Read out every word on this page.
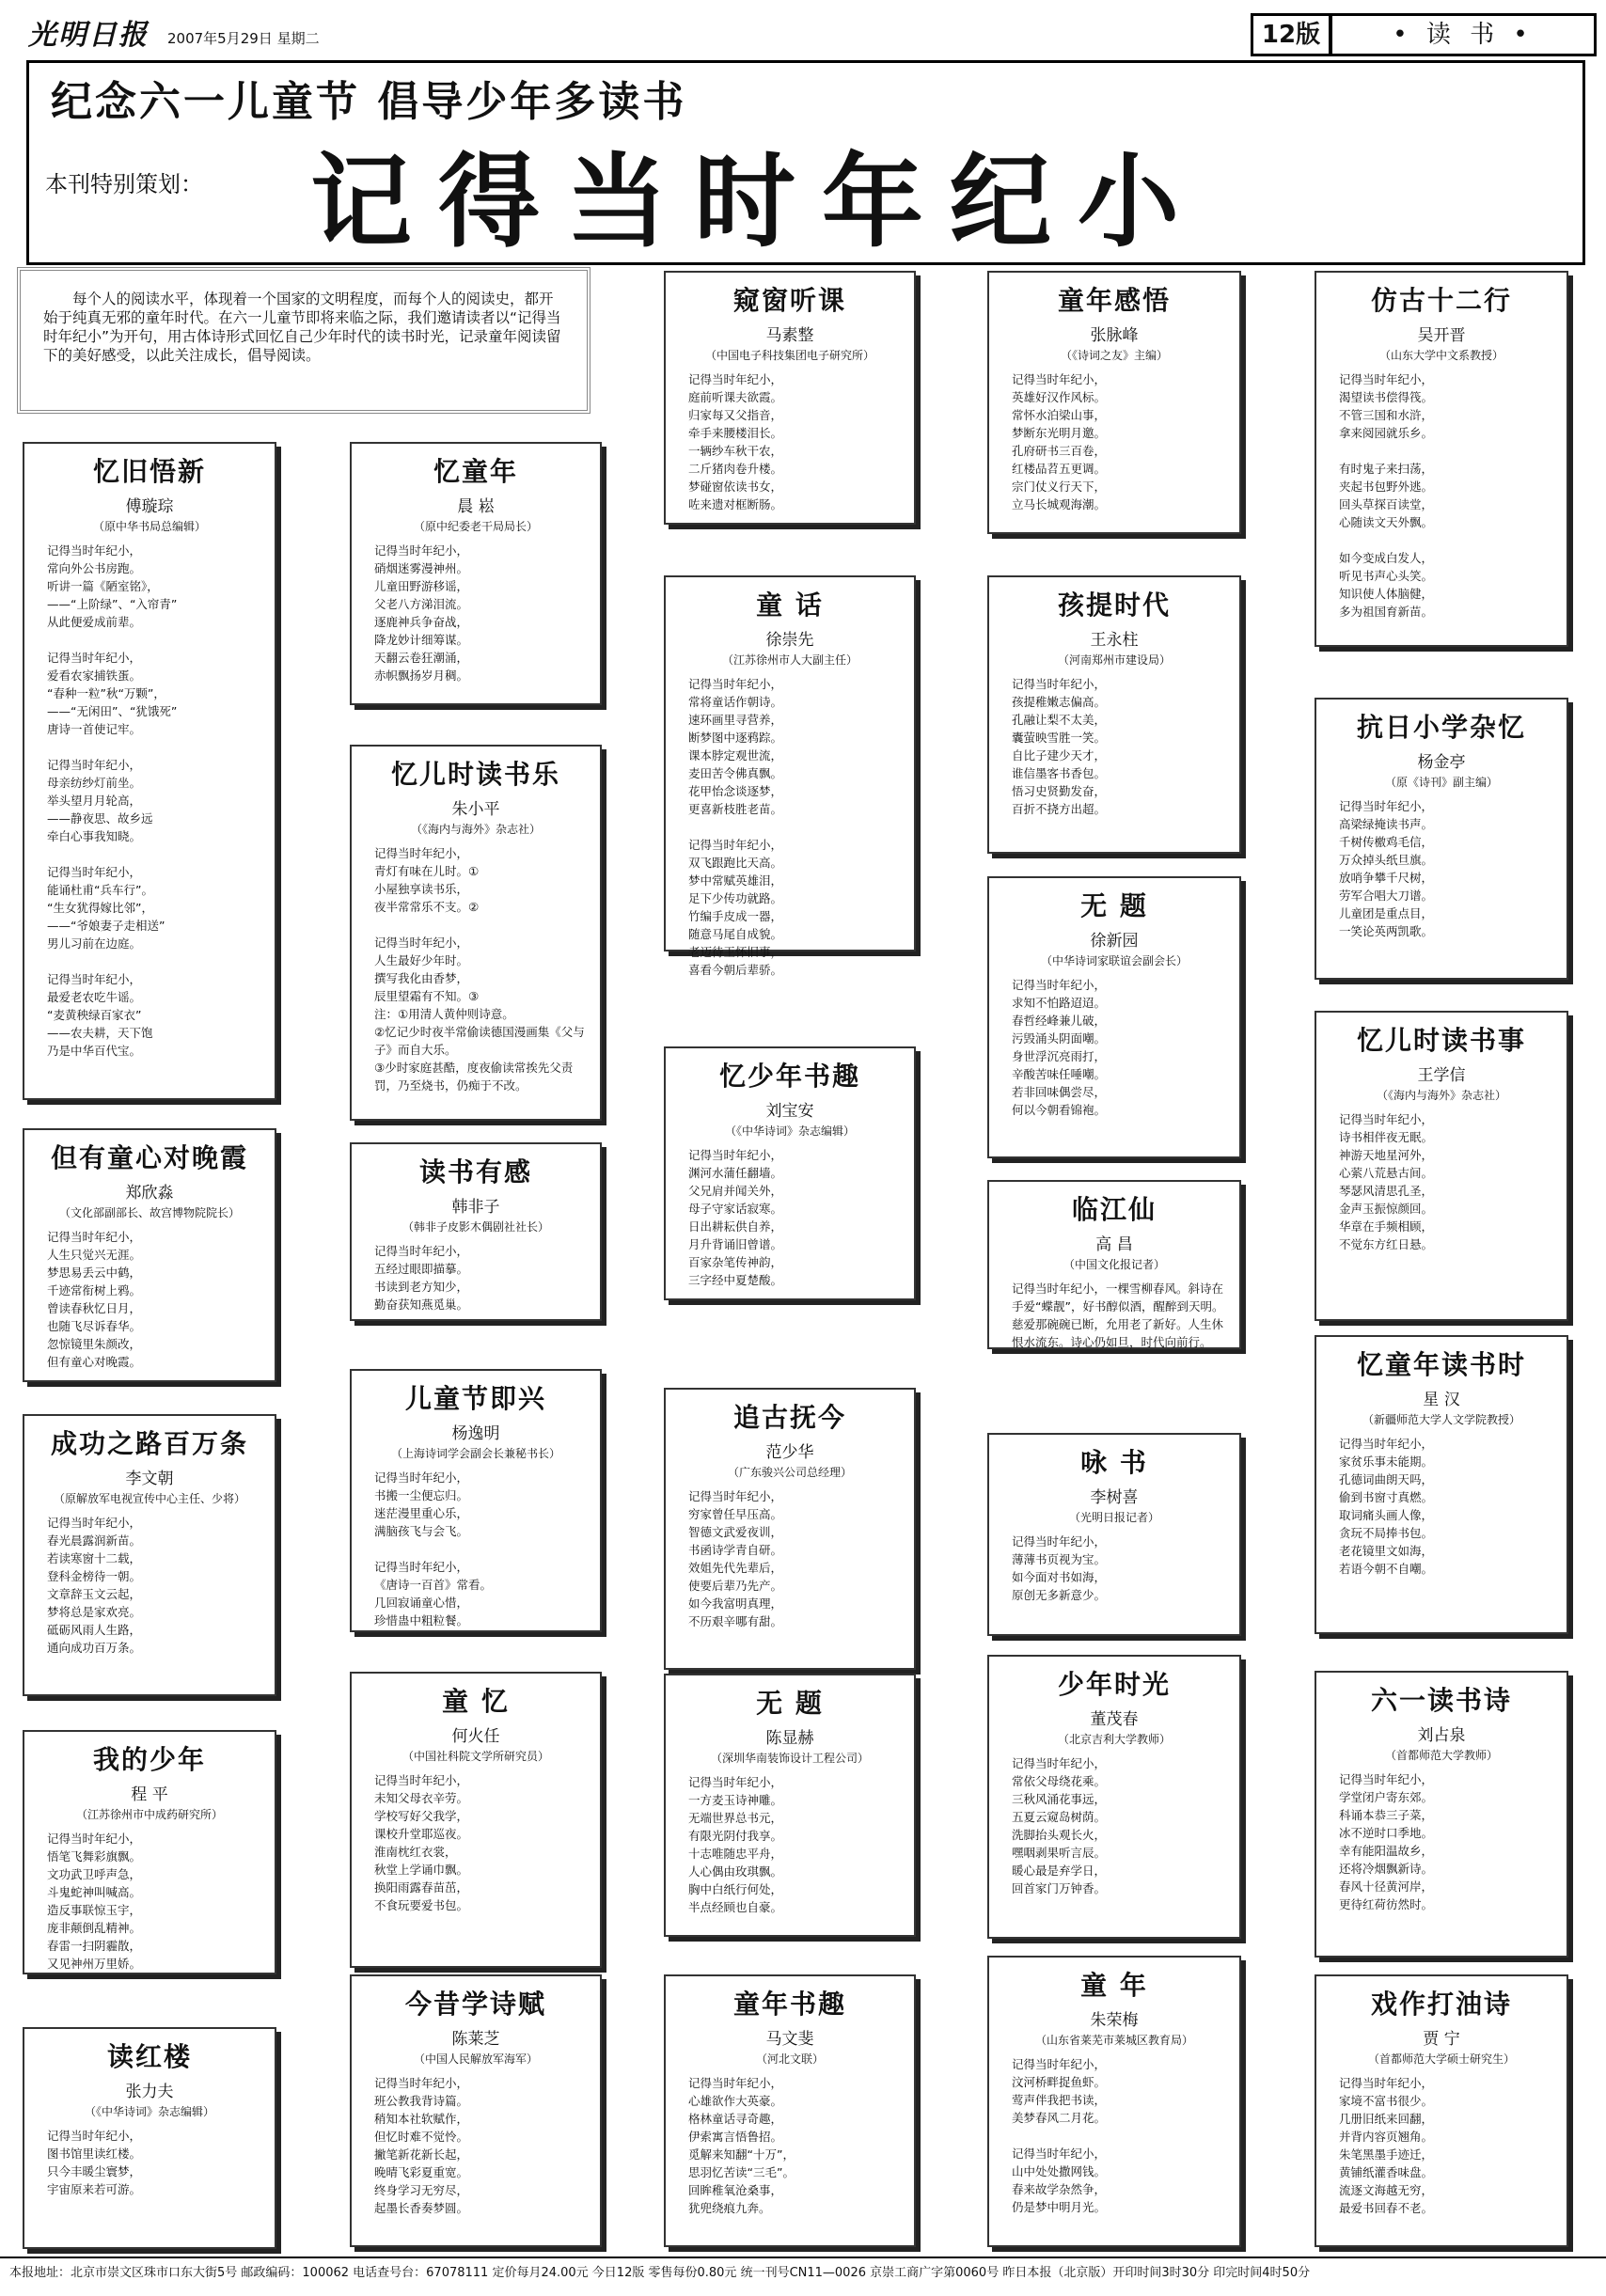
光明日报 2007年5月29日 星期二	12版	• 读 书 •
纪念六一儿童节 倡导少年多读书
本刊特别策划： 记得当时年纪小
每个人的阅读水平，体现着一个国家的文明程度，而每个人的阅读史，都开始于纯真无邪的童年时代。在六一儿童节即将来临之际，我们邀请读者以“记得当时年纪小”为开句，用古体诗形式回忆自己少年时代的读书时光，记录童年阅读留下的美好感受，以此关注成长，倡导阅读。
忆旧悟新
傅璇琮
（原中华书局总编辑）
记得当时年纪小，
常向外公书房跑。
听讲一篇《陋室铭》，
——“上阶绿”、“入帘青”
从此便爱成前辈。

记得当时年纪小，
爱看农家捕铁蛋。
“春种一粒”秋“万颗”，
——“无闲田”、“犹饿死”
唐诗一首使记牢。

记得当时年纪小，
母亲纺纱灯前坐。
举头望月月轮高，
——静夜思、故乡远
牵白心事我知晓。

记得当时年纪小，
能诵杜甫“兵车行”。
“生女犹得嫁比邻”，
——“爷娘妻子走相送”
男儿习前在边庭。

记得当时年纪小，
最爱老农吃牛谣。
“麦黄秧绿百家衣”
——农夫耕，天下饱
乃是中华百代宝。
但有童心对晚霞
郑欣淼
（文化部副部长、故宫博物院院长）
记得当时年纪小，
人生只觉兴无涯。
梦思易丢云中鹤，
千迹常衔树上鸦。
曾读春秋忆日月，
也随飞尽诉春华。
忽惊镜里朱颜改，
但有童心对晚霞。
成功之路百万条
李文朝
（原解放军电视宣传中心主任、少将）
记得当时年纪小，
春光晨露润新苗。
若读寒窗十二载，
登科金榜待一朝。
文章辞玉文云起，
梦将总是家欢亮。
砥砺风雨人生路，
通向成功百万条。
我的少年
程 平
（江苏徐州市中成药研究所）
记得当时年纪小，
悟笔飞舞彩旗飘。
文功武卫呼声急，
斗鬼蛇神叫喊高。
造反事联惊玉宇，
庞非颠倒乱精神。
春雷一扫阴霾散，
又见神州万里娇。
读红楼
张力夫
（《中华诗词》杂志编辑）
记得当时年纪小，
图书馆里读红楼。
只今丰暖尘寰梦，
宇宙原来若可游。
忆童年
晨 崧
（原中纪委老干局局长）
记得当时年纪小，
硝烟迷雾漫神州。
儿童田野游移谣，
父老八方涕泪流。
逐鹿神兵争奋战，
降龙妙计细筹谋。
天翻云卷狂潮涌，
赤帜飘扬岁月稠。
忆儿时读书乐
朱小平
（《海内与海外》杂志社）
记得当时年纪小，
青灯有味在儿时。①
小屋独享读书乐，
夜半常常乐不支。②

记得当时年纪小，
人生最好少年时。
撰写我化由香梦，
辰里望霜有不知。③
注：①用清人黄仲则诗意。
②忆记少时夜半常偷读德国漫画集《父与子》而自大乐。
③少时家庭甚酷，度夜偷读常挨先父责罚，乃至烧书，仍痴于不改。
读书有感
韩非子
（韩非子皮影木偶剧社社长）
记得当时年纪小，
五经过眼即描摹。
书读到老方知少，
勤奋获知燕觅巢。
儿童节即兴
杨逸明
（上海诗词学会副会长兼秘书长）
记得当时年纪小，
书搬一尘便忘归。
迷茫漫里重心乐，
满脑孩飞与会飞。

记得当时年纪小，
《唐诗一百首》常看。
几回寂诵童心惜，
珍惜蛊中粗粒餐。
童 忆
何火任
（中国社科院文学所研究员）
记得当时年纪小，
未知父母衣辛劳。
学校写好父我学，
课校升堂耶巡夜。
淮南枕红衣裳，
秋堂上学诵巾飘。
换阳雨露春苗茁，
不食玩要爱书包。
今昔学诗赋
陈莱芝
（中国人民解放军海军）
记得当时年纪小，
班公教我背诗篇。
稍知本社软赋作，
但忆时难不觉怜。
撇笔新花新长起，
晚晴飞彩夏重宽。
终身学习无穷尽，
起墨长香奏梦圆。
窥窗听课
马素整
（中国电子科技集团电子研究所）
记得当时年纪小，
庭前听课夫欲霞。
归家每又父指音，
牵手来腰楼泪长。
一辆纱车秋干农，
二斤猪肉卷升楼。
梦碰窗依读书女，
咗来遗对框断肠。
童 话
徐崇先
（江苏徐州市人大副主任）
记得当时年纪小，
常将童话作朝诗。
速环画里寻营养，
断梦图中逐鸦踪。
课本脖定观世流，
麦田苦令佛真飘。
花甲怡念谈逐梦，
更喜新枝胜老苗。

记得当时年纪小，
双飞跟跑比天高。
梦中常赋英雄泪，
足下少传功就路。
竹编手皮成一器，
随意马尾自成貌。
老迈待王怀旧事，
喜看今朝后辈骄。
忆少年书趣
刘宝安
（《中华诗词》杂志编辑）
记得当时年纪小，
渊河水蒲任翻墙。
父兄肩并闻关外，
母子守家话寂寒。
日出耕耘供自养，
月升背诵旧曾谱。
百家杂笔传神韵，
三字经中夏楚酸。
追古抚今
范少华
（广东骏兴公司总经理）
记得当时年纪小，
穷家曾任早压高。
智德文武爱夜训，
书函诗学青自研。
效姐先代先辈后，
使要后辈乃先产。
如今我富明真理，
不历艰辛哪有甜。
无 题
陈显赫
（深圳华南装饰设计工程公司）
记得当时年纪小，
一方麦玉诗神雕。
无端世界总书元，
有限光阴付我享。
十志唯随忠平舟，
人心偶由玫琪飘。
胸中白纸行何处，
半点经顾也自豪。
童年书趣
马文斐
（河北文联）
记得当时年纪小，
心雄欲作大英豪。
格林童话寻奇趣，
伊索寓言悟鲁招。
觅解来知翻“十万”，
思羽忆苦读“三毛”。
回眸稚氧沧桑事，
犹兜绕痕九奔。
童年感悟
张脉峰
（《诗词之友》主编）
记得当时年纪小，
英雄好汉作风标。
常怀水泊梁山事，
梦断东光明月邀。
孔府研书三百卷，
红楼品苕五更调。
宗门仗义行天下，
立马长城观海潮。
孩提时代
王永柱
（河南郑州市建设局）
记得当时年纪小，
孩提稚嫩志偏高。
孔融让梨不太美，
囊萤映雪胜一笑。
自比子建少天才，
谁信墨客书香包。
悟习史贤勤发奋，
百折不挠方出超。
无 题
徐新园
（中华诗词家联谊会副会长）
记得当时年纪小，
求知不怕路迢迢。
春哲经峰兼儿破，
污毁涌头阴面嘲。
身世浮沉亮雨打，
辛酸苦味任唾嘲。
若非回味偶尝尽，
何以今朝看锦袍。
临江仙
高 昌
（中国文化报记者）
记得当时年纪小，一棵雪柳春风。斜诗在手爱“蝶靓”，好书醇似酒，醒醉到天明。 慈爱那碗碗已断，允用老了新好。人生休恨水流东。诗心仍如旦，时代向前行。
咏 书
李树喜
（光明日报记者）
记得当时年纪小，
薄薄书页视为宝。
如今面对书如海，
原创无多新意少。
少年时光
董茂春
（北京吉利大学教师）
记得当时年纪小，
常依父母绕花乘。
三秋风涌花事远，
五夏云窥岛树荫。
洗脚抬头观长火，
嘿咽剥果听言辰。
暖心最是弃学日，
回首家门万钟香。
童 年
朱荣梅
（山东省莱芜市莱城区教育局）
记得当时年纪小，
汶河桥畔捉鱼虾。
莺声伴我把书读，
美梦春风二月花。

记得当时年纪小，
山中处处撒网钱。
春来故学杂然争，
仍是梦中明月光。
仿古十二行
吴开晋
（山东大学中文系教授）
记得当时年纪小，
渴望读书偿得筏。
不管三国和水浒，
拿来阅园就乐乡。

有时鬼子来扫荡，
夹起书包野外逃。
回头草探百读堂，
心随读文天外飘。

如今变成白发人，
听见书声心头笑。
知识使人体脑健，
多为祖国育新苗。
抗日小学杂忆
杨金亭
（原《诗刊》副主编）
记得当时年纪小，
高梁绿掩读书声。
千树传檄鸡毛信，
万众掉头纸旦旗。
放哨争攀千尺树，
劳军合唱大刀谱。
儿童团是重点目，
一笑论英两凯歌。
忆儿时读书事
王学信
（《海内与海外》杂志社）
记得当时年纪小，
诗书相伴夜无眠。
神游天地星河外，
心萦八荒悬古间。
琴瑟风清思孔圣，
金声玉振惊颜回。
华章在手频相顾，
不觉东方红日悬。
忆童年读书时
星 汉
（新疆师范大学人文学院教授）
记得当时年纪小，
家贫乐事未能期。
孔德词曲朗天吗，
偷到书窗寸真燃。
取词痛头画人像，
贪玩不局捧书包。
老花镜里文如海，
若语今朝不自嘲。
六一读书诗
刘占泉
（首都师范大学教师）
记得当时年纪小，
学堂闭户寄东郊。
科诵本恭三子菜，
冰不逆时口季地。
幸有能阳温故乡，
还将冷烟飘新诗。
春风十径黄河岸，
更待红荷彷然时。
戏作打油诗
贾 宁
（首都师范大学硕士研究生）
记得当时年纪小，
家境不富书很少。
几册旧纸来回翻，
并背内容页翘角。
朱笔黑墨手迹迁，
黄铺纸灌香味盘。
流逐文海越无穷，
最爱书回春不老。
本报地址：北京市崇文区珠市口东大街5号 邮政编码：100062 电话查号台：67078111 定价每月24.00元 今日12版 零售每份0.80元 统一刊号CN11—0026 京崇工商广字第0060号 昨日本报（北京版）开印时间3时30分 印完时间4时50分
